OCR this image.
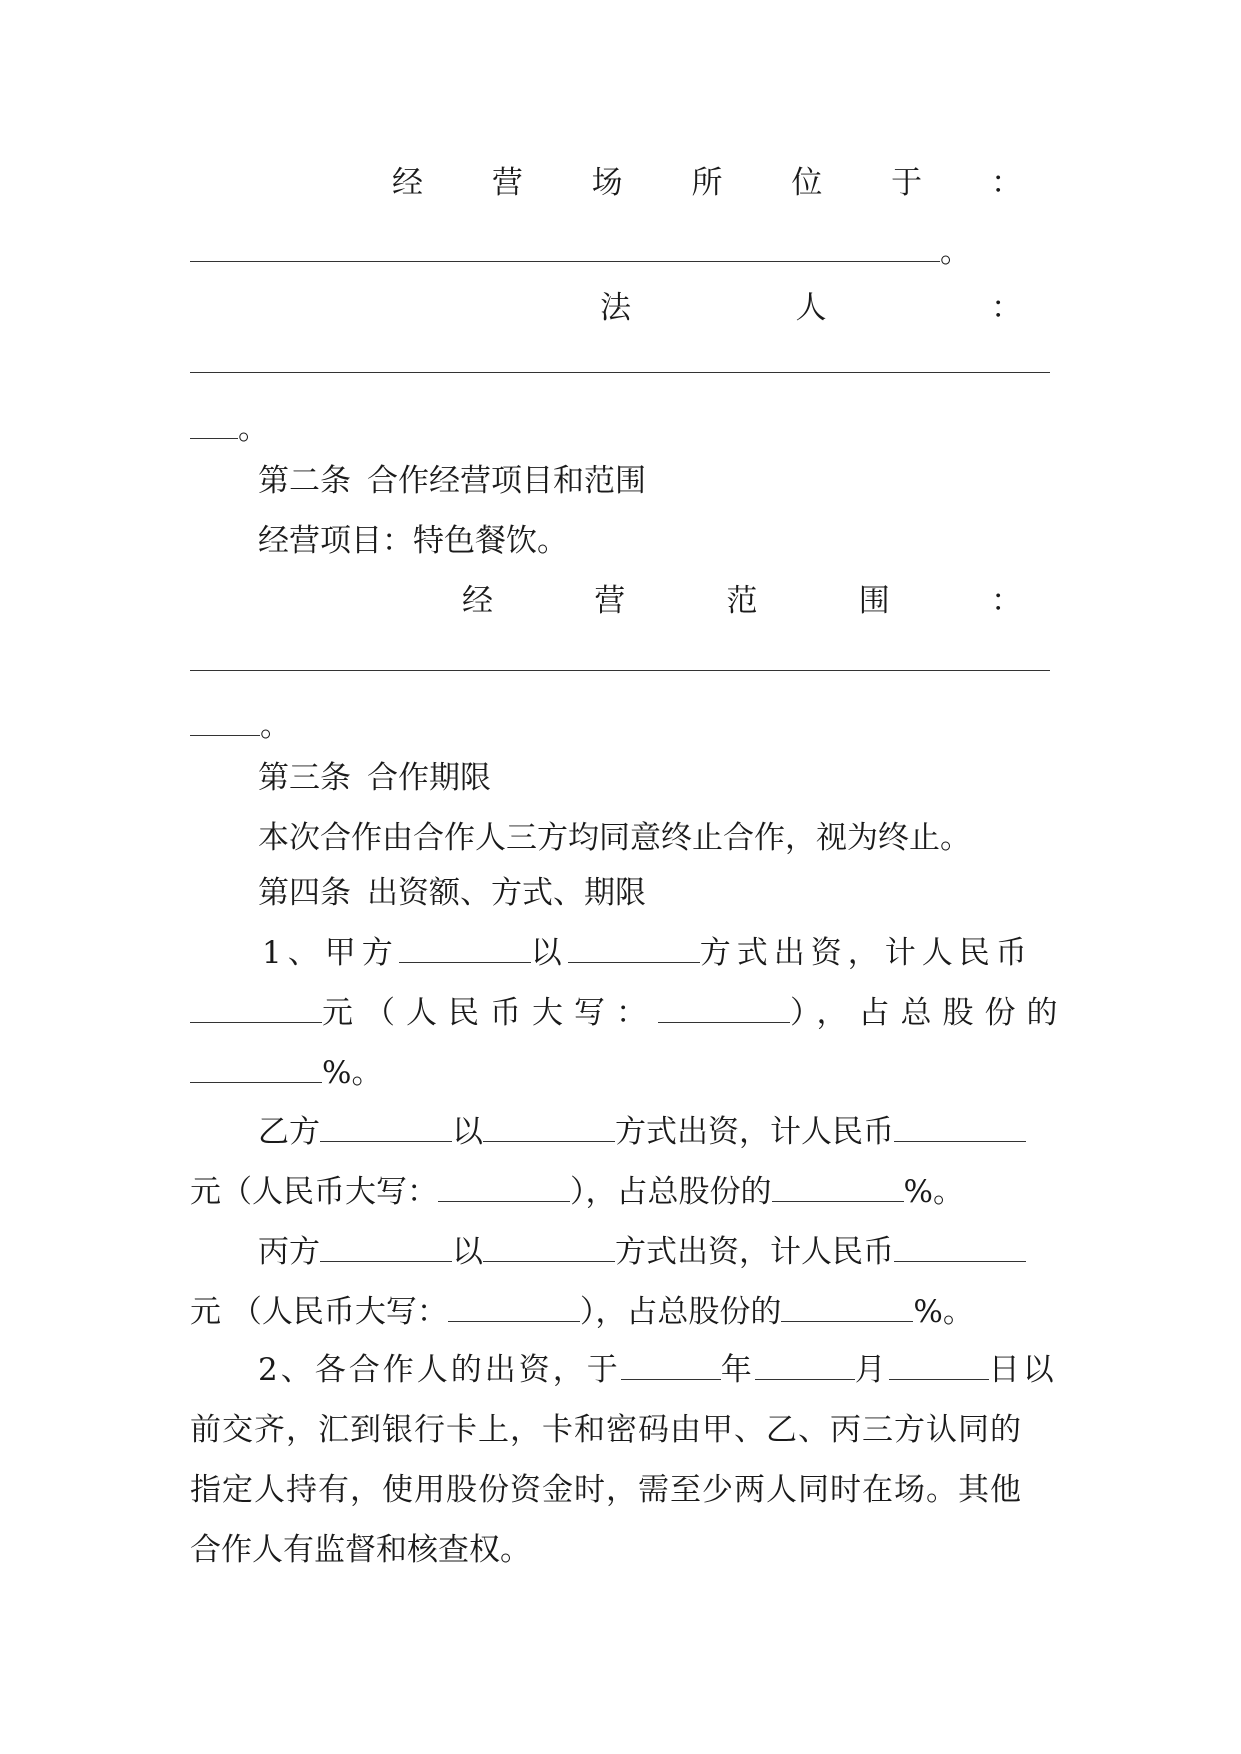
经 营 场 所 位 于 ：
。
法	人	：
。
第二条 合作经营项目和范围
经营项目：特色餐饮。
经	营	范	围	：
。
第三条 合作期限
本次合作由合作人三方均同意终止合作，视为终止。
第四条 出资额、方式、期限
1、甲方	以	方式出资，计人民币
元（人民币大写：	），占总股份的
%。
乙方	以	方式出资，计人民币
元（人民币大写：	），占总股份的	%。
丙方	以	方式出资，计人民币
元 （人民币大写：	），占总股份的	%。
2、各合作人的出资，于	年	月	日以
前交齐，汇到银行卡上，卡和密码由甲、乙、丙三方认同的
指定人持有，使用股份资金时，需至少两人同时在场。其他
合作人有监督和核查权。
